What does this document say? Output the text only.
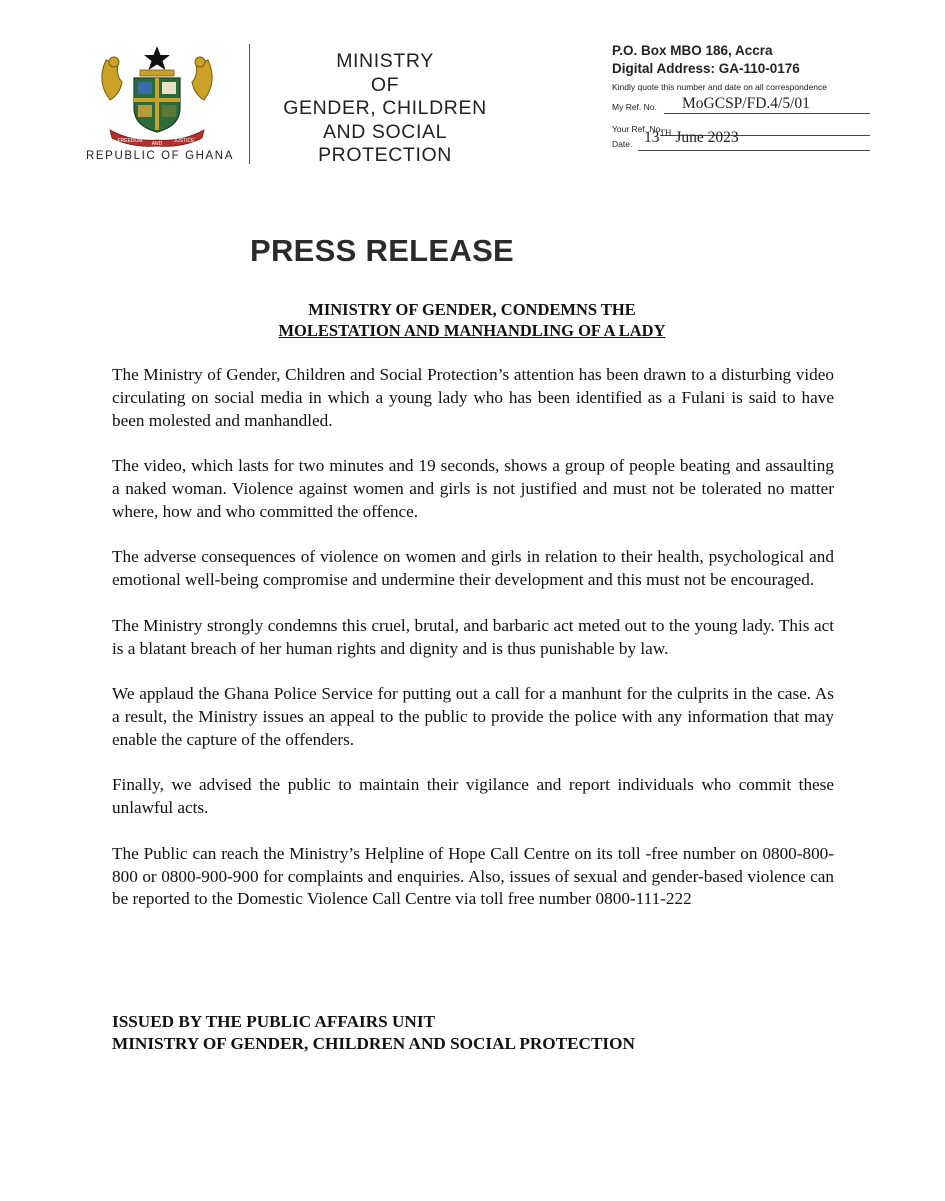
FREEDOM AND JUSTICE
REPUBLIC OF GHANA
MINISTRY
OF
GENDER, CHILDREN
AND SOCIAL
PROTECTION
P.O. Box MBO 186, Accra
Digital Address: GA-110-0176
Kindly quote this number and date on all correspondence
My Ref. No. MoGCSP/FD.4/5/01
Your Ref. No.
Date. 13TH June 2023
PRESS RELEASE
MINISTRY OF GENDER, CONDEMNS THE
MOLESTATION AND MANHANDLING OF A LADY

The Ministry of Gender, Children and Social Protection’s attention has been drawn to a disturbing video circulating on social media in which a young lady who has been identified as a Fulani is said to have been molested and manhandled.

The video, which lasts for two minutes and 19 seconds, shows a group of people beating and assaulting a naked woman. Violence against women and girls is not justified and must not be tolerated no matter where, how and who committed the offence.

The adverse consequences of violence on women and girls in relation to their health, psychological and emotional well-being compromise and undermine their development and this must not be encouraged.

The Ministry strongly condemns this cruel, brutal, and barbaric act meted out to the young lady. This act is a blatant breach of her human rights and dignity and is thus punishable by law.

We applaud the Ghana Police Service for putting out a call for a manhunt for the culprits in the case. As a result, the Ministry issues an appeal to the public to provide the police with any information that may enable the capture of the offenders.

Finally, we advised the public to maintain their vigilance and report individuals who commit these unlawful acts.

The Public can reach the Ministry’s Helpline of Hope Call Centre on its toll -free number on 0800-800-800 or 0800-900-900 for complaints and enquiries. Also, issues of sexual and gender-based violence can be reported to the Domestic Violence Call Centre via toll free number 0800-111-222

ISSUED BY THE PUBLIC AFFAIRS UNIT
MINISTRY OF GENDER, CHILDREN AND SOCIAL PROTECTION
